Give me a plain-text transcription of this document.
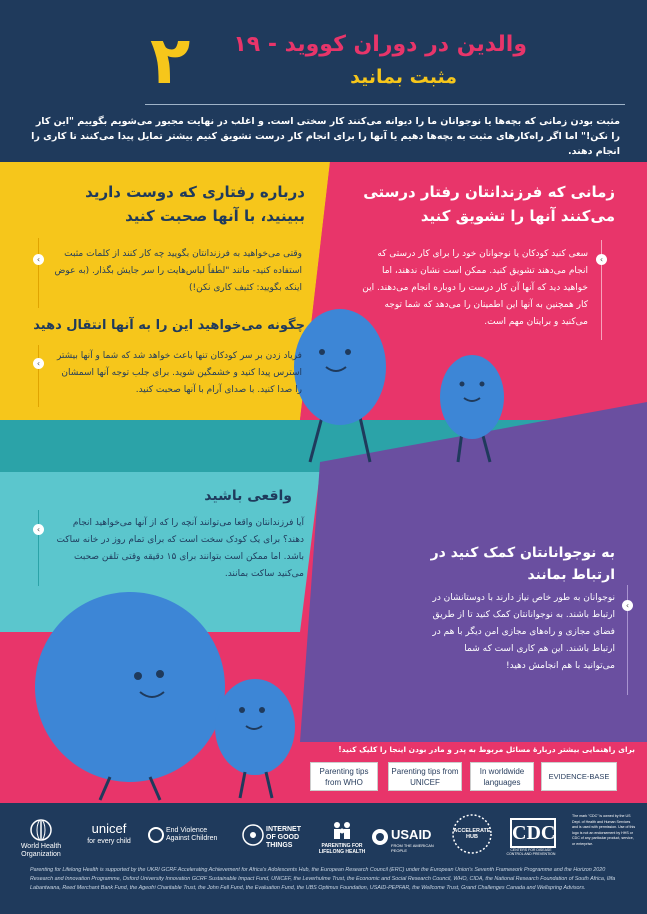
۲ والدین در دوران کووید - ۱۹
مثبت بمانید
مثبت بودن زمانی که بچه‌ها یا نوجوانان ما را دیوانه می‌کنند کار سختی است. و اغلب در نهایت مجبور می‌شویم بگوییم "این کار را نکن!" اما اگر راه‌کارهای مثبت به بچه‌ها دهیم یا آنها را برای انجام کار درست تشویق کنیم بیشتر تمایل پیدا می‌کنند تا کاری را انجام دهند.
درباره رفتاری که دوست دارید ببینید، با آنها صحبت کنید
‹
وقتی می‌خواهید به فرزندانتان بگویید چه کار کنند از کلمات مثبت استفاده کنید- مانند "لطفاً لباس‌هایت را سر جایش بگذار. (به عوض اینکه بگویید: کثیف کاری نکن!)
چگونه می‌خواهید این را به آنها انتقال دهید
‹
فریاد زدن بر سر کودکان تنها باعث خواهد شد که شما و آنها بیشتر استرس پیدا کنید و خشمگین شوید. برای جلب توجه آنها اسمشان را صدا کنید. با صدای آرام با آنها صحبت کنید.
زمانی که فرزندانتان رفتار درستی می‌کنند آنها را تشویق کنید
‹
سعی کنید کودکان یا نوجوانان خود را برای کار درستی که انجام می‌دهند تشویق کنید. ممکن است نشان ندهند، اما خواهید دید که آنها آن کار درست را دوباره انجام می‌دهند. این کار همچنین به آنها این اطمینان را می‌دهد که شما توجه می‌کنید و برایتان مهم است.
واقعی باشید
‹
آیا فرزندانتان واقعا می‌توانند آنچه را که از آنها می‌خواهید انجام دهند؟ برای یک کودک سخت است که برای تمام روز در خانه ساکت باشد. اما ممکن است بتوانند برای ۱۵ دقیقه وقتی تلفن صحبت می‌کنید ساکت بمانند.
به نوجوانانتان کمک کنید در ارتباط بمانند
‹
نوجوانان به طور خاص نیاز دارند با دوستانشان در ارتباط باشند. به نوجوانانتان کمک کنید تا از طریق فضای مجازی و راه‌های مجازی امن دیگر با هم در ارتباط باشند. این هم کاری است که شما می‌توانید با هم انجامش دهید!
برای راهنمایی بیشتر دربارهٔ مسائل مربوط به پدر و مادر بودن اینجا را کلیک کنید!
Parenting tips from WHO
Parenting tips from UNICEF
In worldwide languages
EVIDENCE-BASE
World Health Organization
unicef
for every child
End Violence Against Children
INTERNET OF GOOD THINGS	PARENTING FOR LIFELONG HEALTH
USAID
FROM THE AMERICAN PEOPLE
ACCELERATE HUB	CDC
CENTERS FOR DISEASE CONTROL AND PREVENTION
The mark "CDC" is owned by the US Dept. of Health and Human Services and is used with permission. Use of this logo is not an endorsement by HHS or CDC of any particular product, service, or enterprise.
Parenting for Lifelong Health is supported by the UKRI GCRF Accelerating Achievement for Africa's Adolescents Hub, the European Research Council (ERC) under the European Union's Seventh Framework Programme and the Horizon 2020 Research and Innovation Programme, Oxford University Innovation GCRF Sustainable Impact Fund, UNICEF, the Leverhulme Trust, the Economic and Social Research Council, WHO, CIDA, the National Research Foundation of South Africa, Ilifa Labantwana, Reed Merchant Bank Fund, the Ageofri Charitable Trust, the John Fell Fund, the Evaluation Fund, the UBS Optimus Foundation, USAID-PEPFAR, the Wellcome Trust, Grand Challenges Canada and Wellspring Advisors.
